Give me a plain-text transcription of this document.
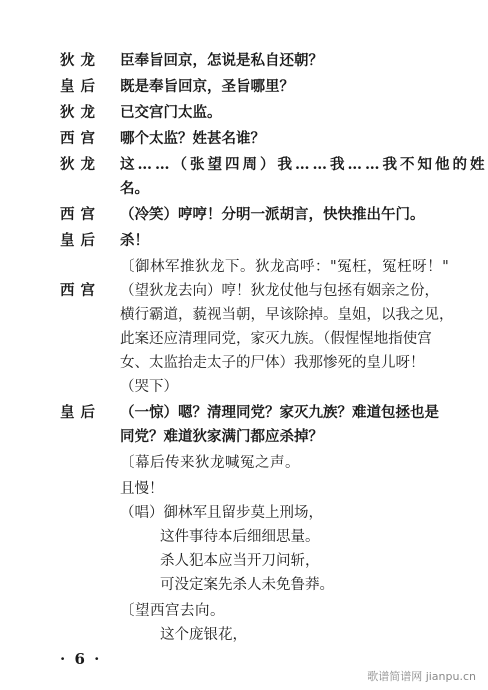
狄龙	臣奉旨回京，怎说是私自还朝？
皇后	既是奉旨回京，圣旨哪里？
狄龙	已交宫门太监。
西宫	哪个太监？姓甚名谁？
狄龙	这……（张望四周）我……我……我不知他的姓
名。
西宫	（冷笑）哼哼！分明一派胡言，快快推出午门。
皇后	杀！
〔御林军推狄龙下。狄龙高呼："冤枉，冤枉呀！"
西宫	（望狄龙去向）哼！狄龙仗他与包拯有姻亲之份，
横行霸道，藐视当朝，早该除掉。皇姐，以我之见，
此案还应清理同党，家灭九族。（假惺惺地指使宫
女、太监抬走太子的尸体）我那惨死的皇儿呀！
（哭下）
皇后	（一惊）嗯？清理同党？家灭九族？难道包拯也是
同党？难道狄家满门都应杀掉？
〔幕后传来狄龙喊冤之声。
且慢！
（唱）御林军且留步莫上刑场，
这件事待本后细细思量。
杀人犯本应当开刀问斩，
可没定案先杀人未免鲁莽。
〔望西宫去向。
这个庞银花，
· 6 ·
歌谱简谱网 jianpu.cn
